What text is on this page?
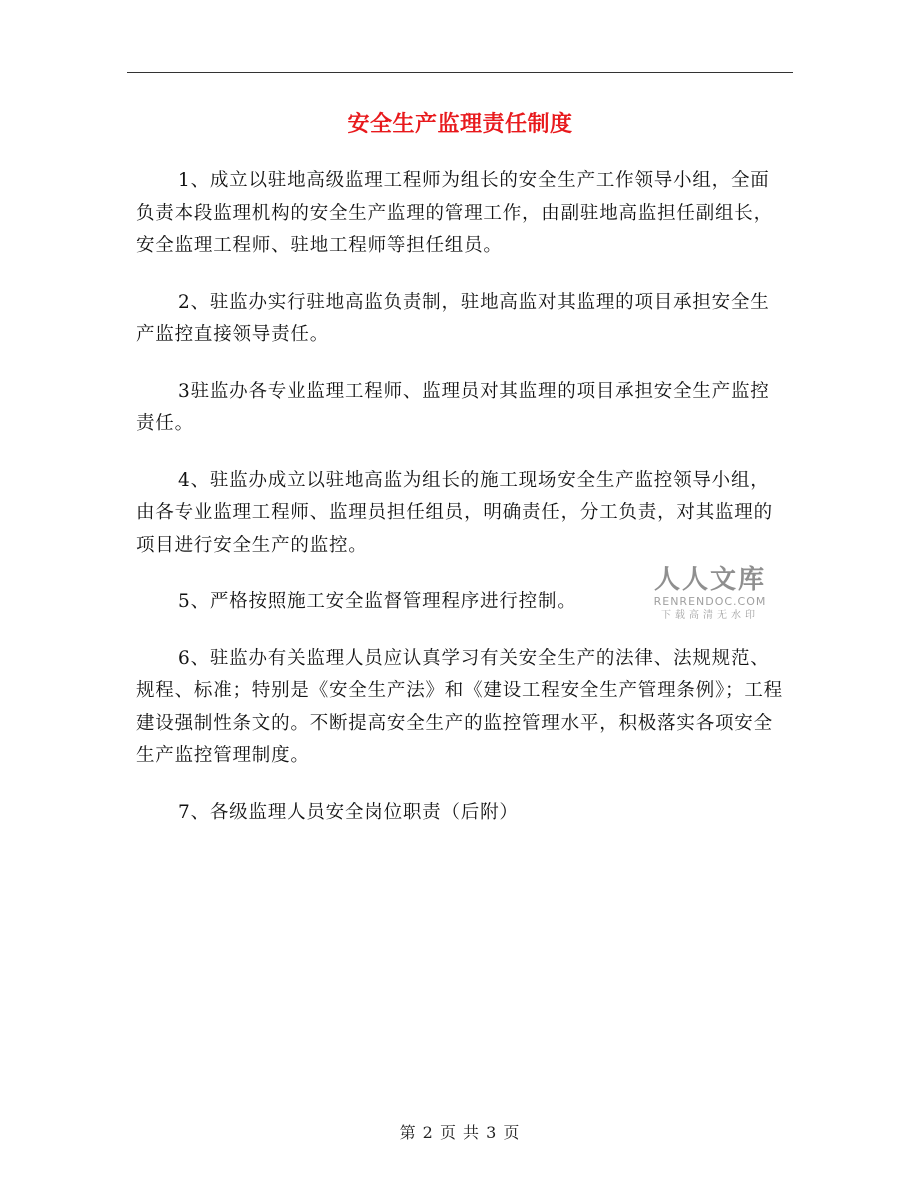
安全生产监理责任制度

1、成立以驻地高级监理工程师为组长的安全生产工作领导小组，全面负责本段监理机构的安全生产监理的管理工作，由副驻地高监担任副组长，安全监理工程师、驻地工程师等担任组员。

2、驻监办实行驻地高监负责制，驻地高监对其监理的项目承担安全生产监控直接领导责任。

3驻监办各专业监理工程师、监理员对其监理的项目承担安全生产监控责任。

4、驻监办成立以驻地高监为组长的施工现场安全生产监控领导小组，由各专业监理工程师、监理员担任组员，明确责任，分工负责，对其监理的项目进行安全生产的监控。

5、严格按照施工安全监督管理程序进行控制。

6、驻监办有关监理人员应认真学习有关安全生产的法律、法规规范、规程、标准；特别是《安全生产法》和《建设工程安全生产管理条例》；工程建设强制性条文的。不断提高安全生产的监控管理水平，积极落实各项安全生产监控管理制度。

7、各级监理人员安全岗位职责（后附）

人人文库
RENRENDOC.COM
下载高清无水印
第 2 页 共 3 页
